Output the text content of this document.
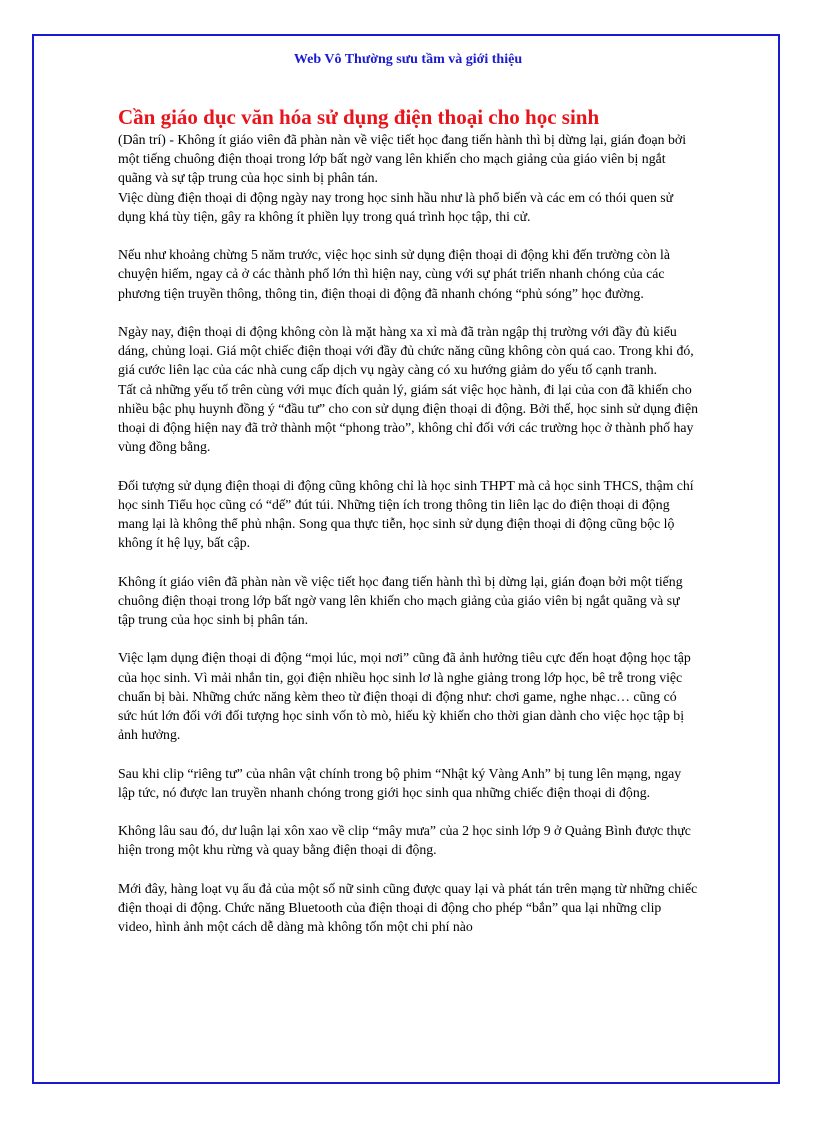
Web Vô Thường sưu tầm và giới thiệu
Cần giáo dục văn hóa sử dụng điện thoại cho học sinh

(Dân trí) - Không ít giáo viên đã phàn nàn về việc tiết học đang tiến hành thì bị dừng lại, gián đoạn bởi một tiếng chuông điện thoại trong lớp bất ngờ vang lên khiến cho mạch giảng của giáo viên bị ngắt quãng và sự tập trung của học sinh bị phân tán.

Việc dùng điện thoại di động ngày nay trong học sinh hầu như là phổ biến và các em có thói quen sử dụng khá tùy tiện, gây ra không ít phiền lụy trong quá trình học tập, thi cử.

Nếu như khoảng chừng 5 năm trước, việc học sinh sử dụng điện thoại di động khi đến trường còn là chuyện hiếm, ngay cả ở các thành phố lớn thì hiện nay, cùng với sự phát triển nhanh chóng của các phương tiện truyền thông, thông tin, điện thoại di động đã nhanh chóng “phủ sóng” học đường.

Ngày nay, điện thoại di động không còn là mặt hàng xa xỉ mà đã tràn ngập thị trường với đầy đủ kiểu dáng, chủng loại. Giá một chiếc điện thoại với đầy đủ chức năng cũng không còn quá cao. Trong khi đó, giá cước liên lạc của các nhà cung cấp dịch vụ ngày càng có xu hướng giảm do yếu tố cạnh tranh.

Tất cả những yếu tố trên cùng với mục đích quản lý, giám sát việc học hành, đi lại của con đã khiến cho nhiều bậc phụ huynh đồng ý “đầu tư” cho con sử dụng điện thoại di động. Bởi thế, học sinh sử dụng điện thoại di động hiện nay đã trở thành một “phong trào”, không chỉ đối với các trường học ở thành phố hay vùng đồng bằng.

Đối tượng sử dụng điện thoại di động cũng không chỉ là học sinh THPT mà cả học sinh THCS, thậm chí học sinh Tiểu học cũng có “dế” đút túi. Những tiện ích trong thông tin liên lạc do điện thoại di động mang lại là không thể phủ nhận. Song qua thực tiễn, học sinh sử dụng điện thoại di động cũng bộc lộ không ít hệ lụy, bất cập.

Không ít giáo viên đã phàn nàn về việc tiết học đang tiến hành thì bị dừng lại, gián đoạn bởi một tiếng chuông điện thoại trong lớp bất ngờ vang lên khiến cho mạch giảng của giáo viên bị ngắt quãng và sự tập trung của học sinh bị phân tán.

Việc lạm dụng điện thoại di động “mọi lúc, mọi nơi” cũng đã ảnh hưởng tiêu cực đến hoạt động học tập của học sinh. Vì mải nhắn tin, gọi điện nhiều học sinh lơ là nghe giảng trong lớp học, bê trễ trong việc chuẩn bị bài. Những chức năng kèm theo từ điện thoại di động như: chơi game, nghe nhạc… cũng có sức hút lớn đối với đối tượng học sinh vốn tò mò, hiếu kỳ khiến cho thời gian dành cho việc học tập bị ảnh hưởng.

Sau khi clip “riêng tư” của nhân vật chính trong bộ phim “Nhật ký Vàng Anh” bị tung lên mạng, ngay lập tức, nó được lan truyền nhanh chóng trong giới học sinh qua những chiếc điện thoại di động.

Không lâu sau đó, dư luận lại xôn xao về clip “mây mưa” của 2 học sinh lớp 9 ở Quảng Bình được thực hiện trong một khu rừng và quay bằng điện thoại di động.

Mới đây, hàng loạt vụ ẩu đả của một số nữ sinh cũng được quay lại và phát tán trên mạng từ những chiếc điện thoại di động. Chức năng Bluetooth của điện thoại di động cho phép “bắn” qua lại những clip video, hình ảnh một cách dễ dàng mà không tốn một chi phí nào
